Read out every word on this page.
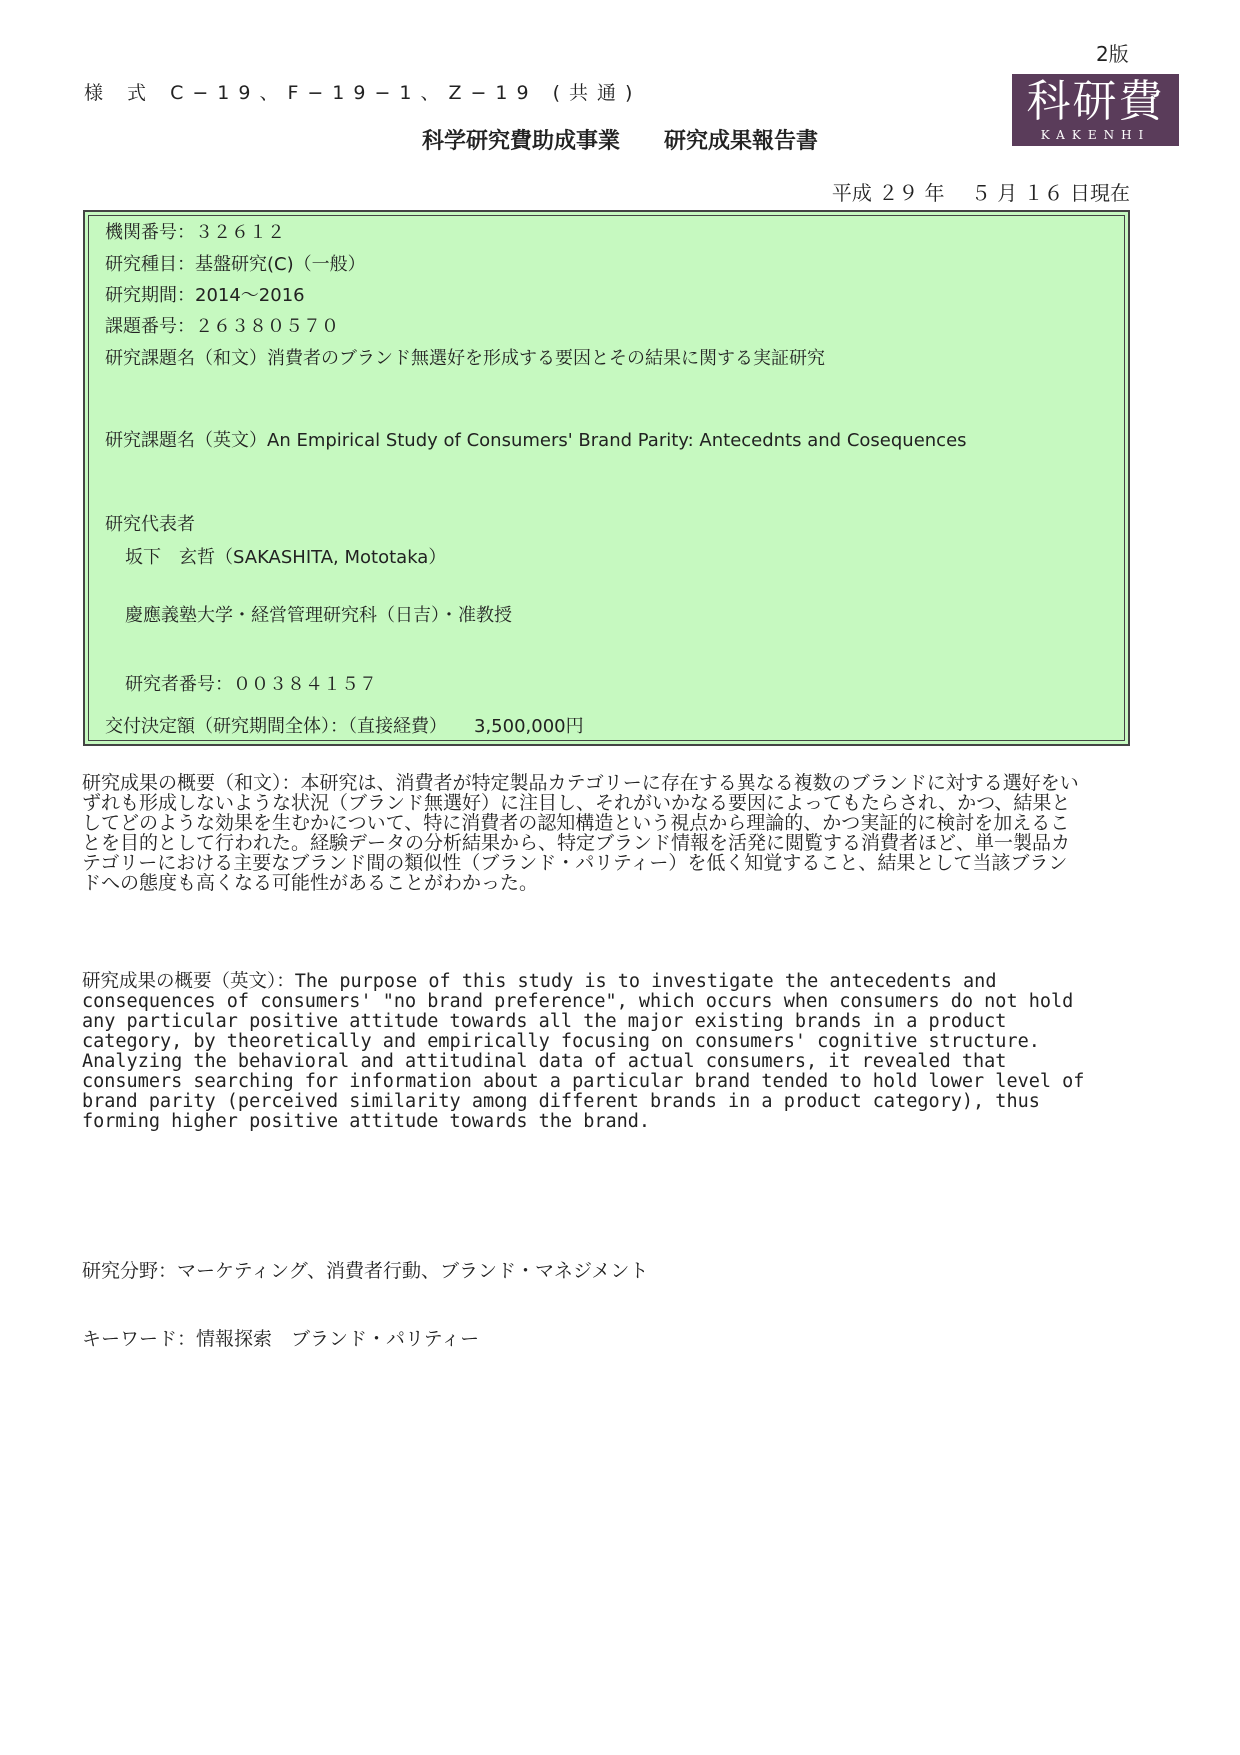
2版
様 式 C−19、F−19−1、Z−19 (共通)	科研費
KAKENHI
科学研究費助成事業　　研究成果報告書
平成 ２９ 年　 ５ 月 １６ 日現在
機関番号：３２６１２
研究種目：基盤研究(C)（一般）
研究期間：2014〜2016
課題番号：２６３８０５７０
研究課題名（和文）消費者のブランド無選好を形成する要因とその結果に関する実証研究
研究課題名（英文）An Empirical Study of Consumers' Brand Parity: Antecednts and Cosequences
研究代表者
坂下　玄哲（SAKASHITA, Mototaka）
慶應義塾大学・経営管理研究科（日吉）・准教授
研究者番号：００３８４１５７
交付決定額（研究期間全体）：（直接経費）　　3,500,000円
研究成果の概要（和文）：本研究は、消費者が特定製品カテゴリーに存在する異なる複数のブランドに対する選好をいずれも形成しないような状況（ブランド無選好）に注目し、それがいかなる要因によってもたらされ、かつ、結果としてどのような効果を生むかについて、特に消費者の認知構造という視点から理論的、かつ実証的に検討を加えることを目的として行われた。経験データの分析結果から、特定ブランド情報を活発に閲覧する消費者ほど、単一製品カテゴリーにおける主要なブランド間の類似性（ブランド・パリティー）を低く知覚すること、結果として当該ブランドへの態度も高くなる可能性があることがわかった。
研究成果の概要（英文）：The purpose of this study is to investigate the antecedents and consequences of consumers' "no brand preference", which occurs when consumers do not hold any particular positive attitude towards all the major existing brands in a product category, by theoretically and empirically focusing on consumers' cognitive structure. Analyzing the behavioral and attitudinal data of actual consumers, it revealed that consumers searching for information about a particular brand tended to hold lower level of brand parity (perceived similarity among different brands in a product category), thus forming higher positive attitude towards the brand.
研究分野：マーケティング、消費者行動、ブランド・マネジメント
キーワード：情報探索　ブランド・パリティー
